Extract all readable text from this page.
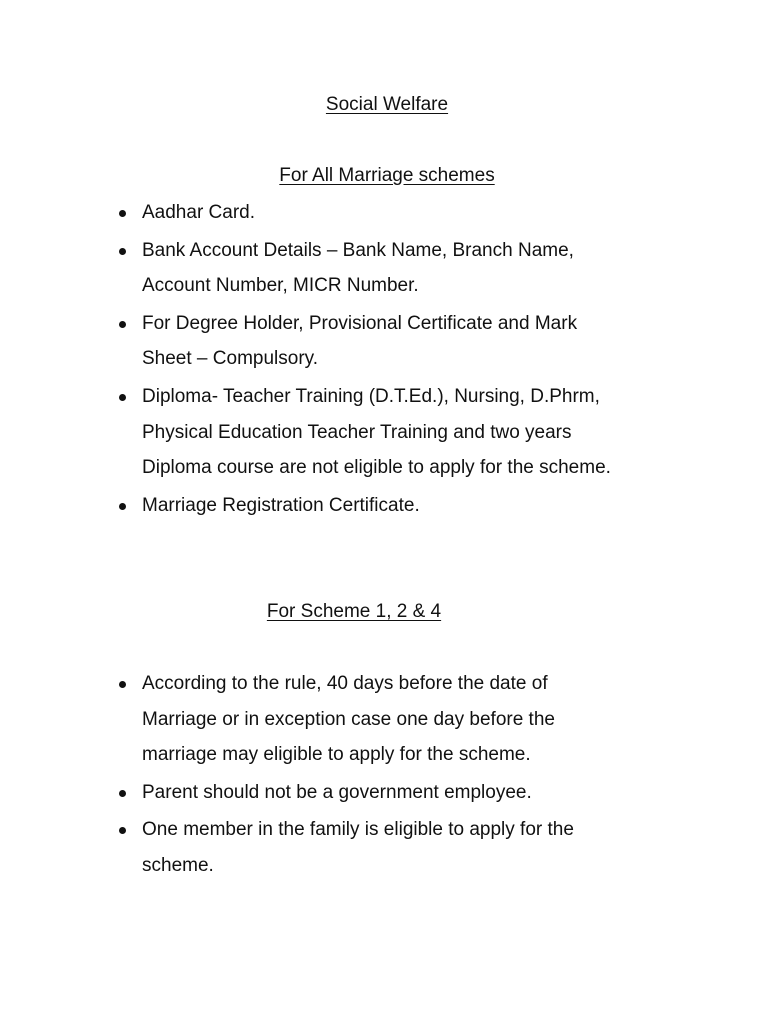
Social Welfare
For All Marriage schemes
Aadhar Card.
Bank Account Details – Bank Name, Branch Name, Account Number, MICR Number.
For Degree Holder, Provisional Certificate and Mark Sheet – Compulsory.
Diploma- Teacher Training (D.T.Ed.), Nursing, D.Phrm, Physical Education Teacher Training and two years Diploma course are not eligible to apply for the scheme.
Marriage Registration Certificate.
For Scheme 1, 2 & 4
According to the rule, 40 days before the date of Marriage or in exception case one day before the marriage may eligible to apply for the scheme.
Parent should not be a government employee.
One member in the family is eligible to apply for the scheme.
